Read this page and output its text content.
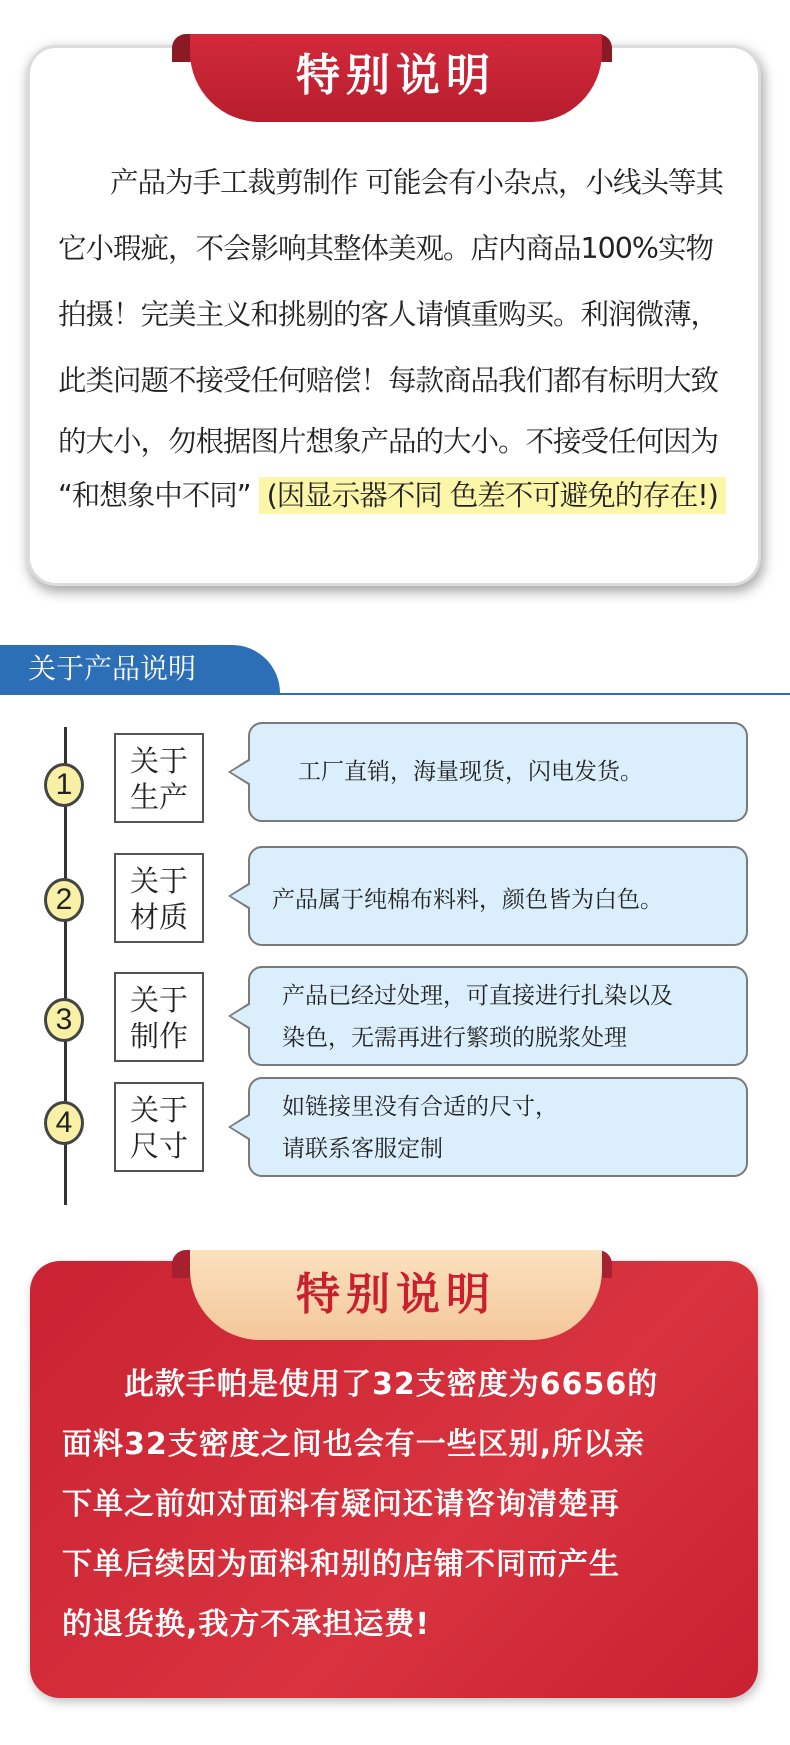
特别说明
产品为手工裁剪制作 可能会有小杂点，小线头等其
它小瑕疵，不会影响其整体美观。店内商品100%实物
拍摄！完美主义和挑剔的客人请慎重购买。利润微薄，
此类问题不接受任何赔偿！每款商品我们都有标明大致
的大小，勿根据图片想象产品的大小。不接受任何因为
“和想象中不同” (因显示器不同 色差不可避免的存在!)
关于产品说明
1
关于
生产
工厂直销，海量现货，闪电发货。
2
关于
材质	产品属于纯棉布料料，颜色皆为白色。
3
关于
制作
产品已经过处理，可直接进行扎染以及
染色，无需再进行繁琐的脱浆处理
4	关于
尺寸
如链接里没有合适的尺寸，
请联系客服定制
特别说明
此款手帕是使用了32支密度为6656的
面料32支密度之间也会有一些区别,所以亲
下单之前如对面料有疑问还请咨询清楚再
下单后续因为面料和别的店铺不同而产生
的退货换,我方不承担运费!
